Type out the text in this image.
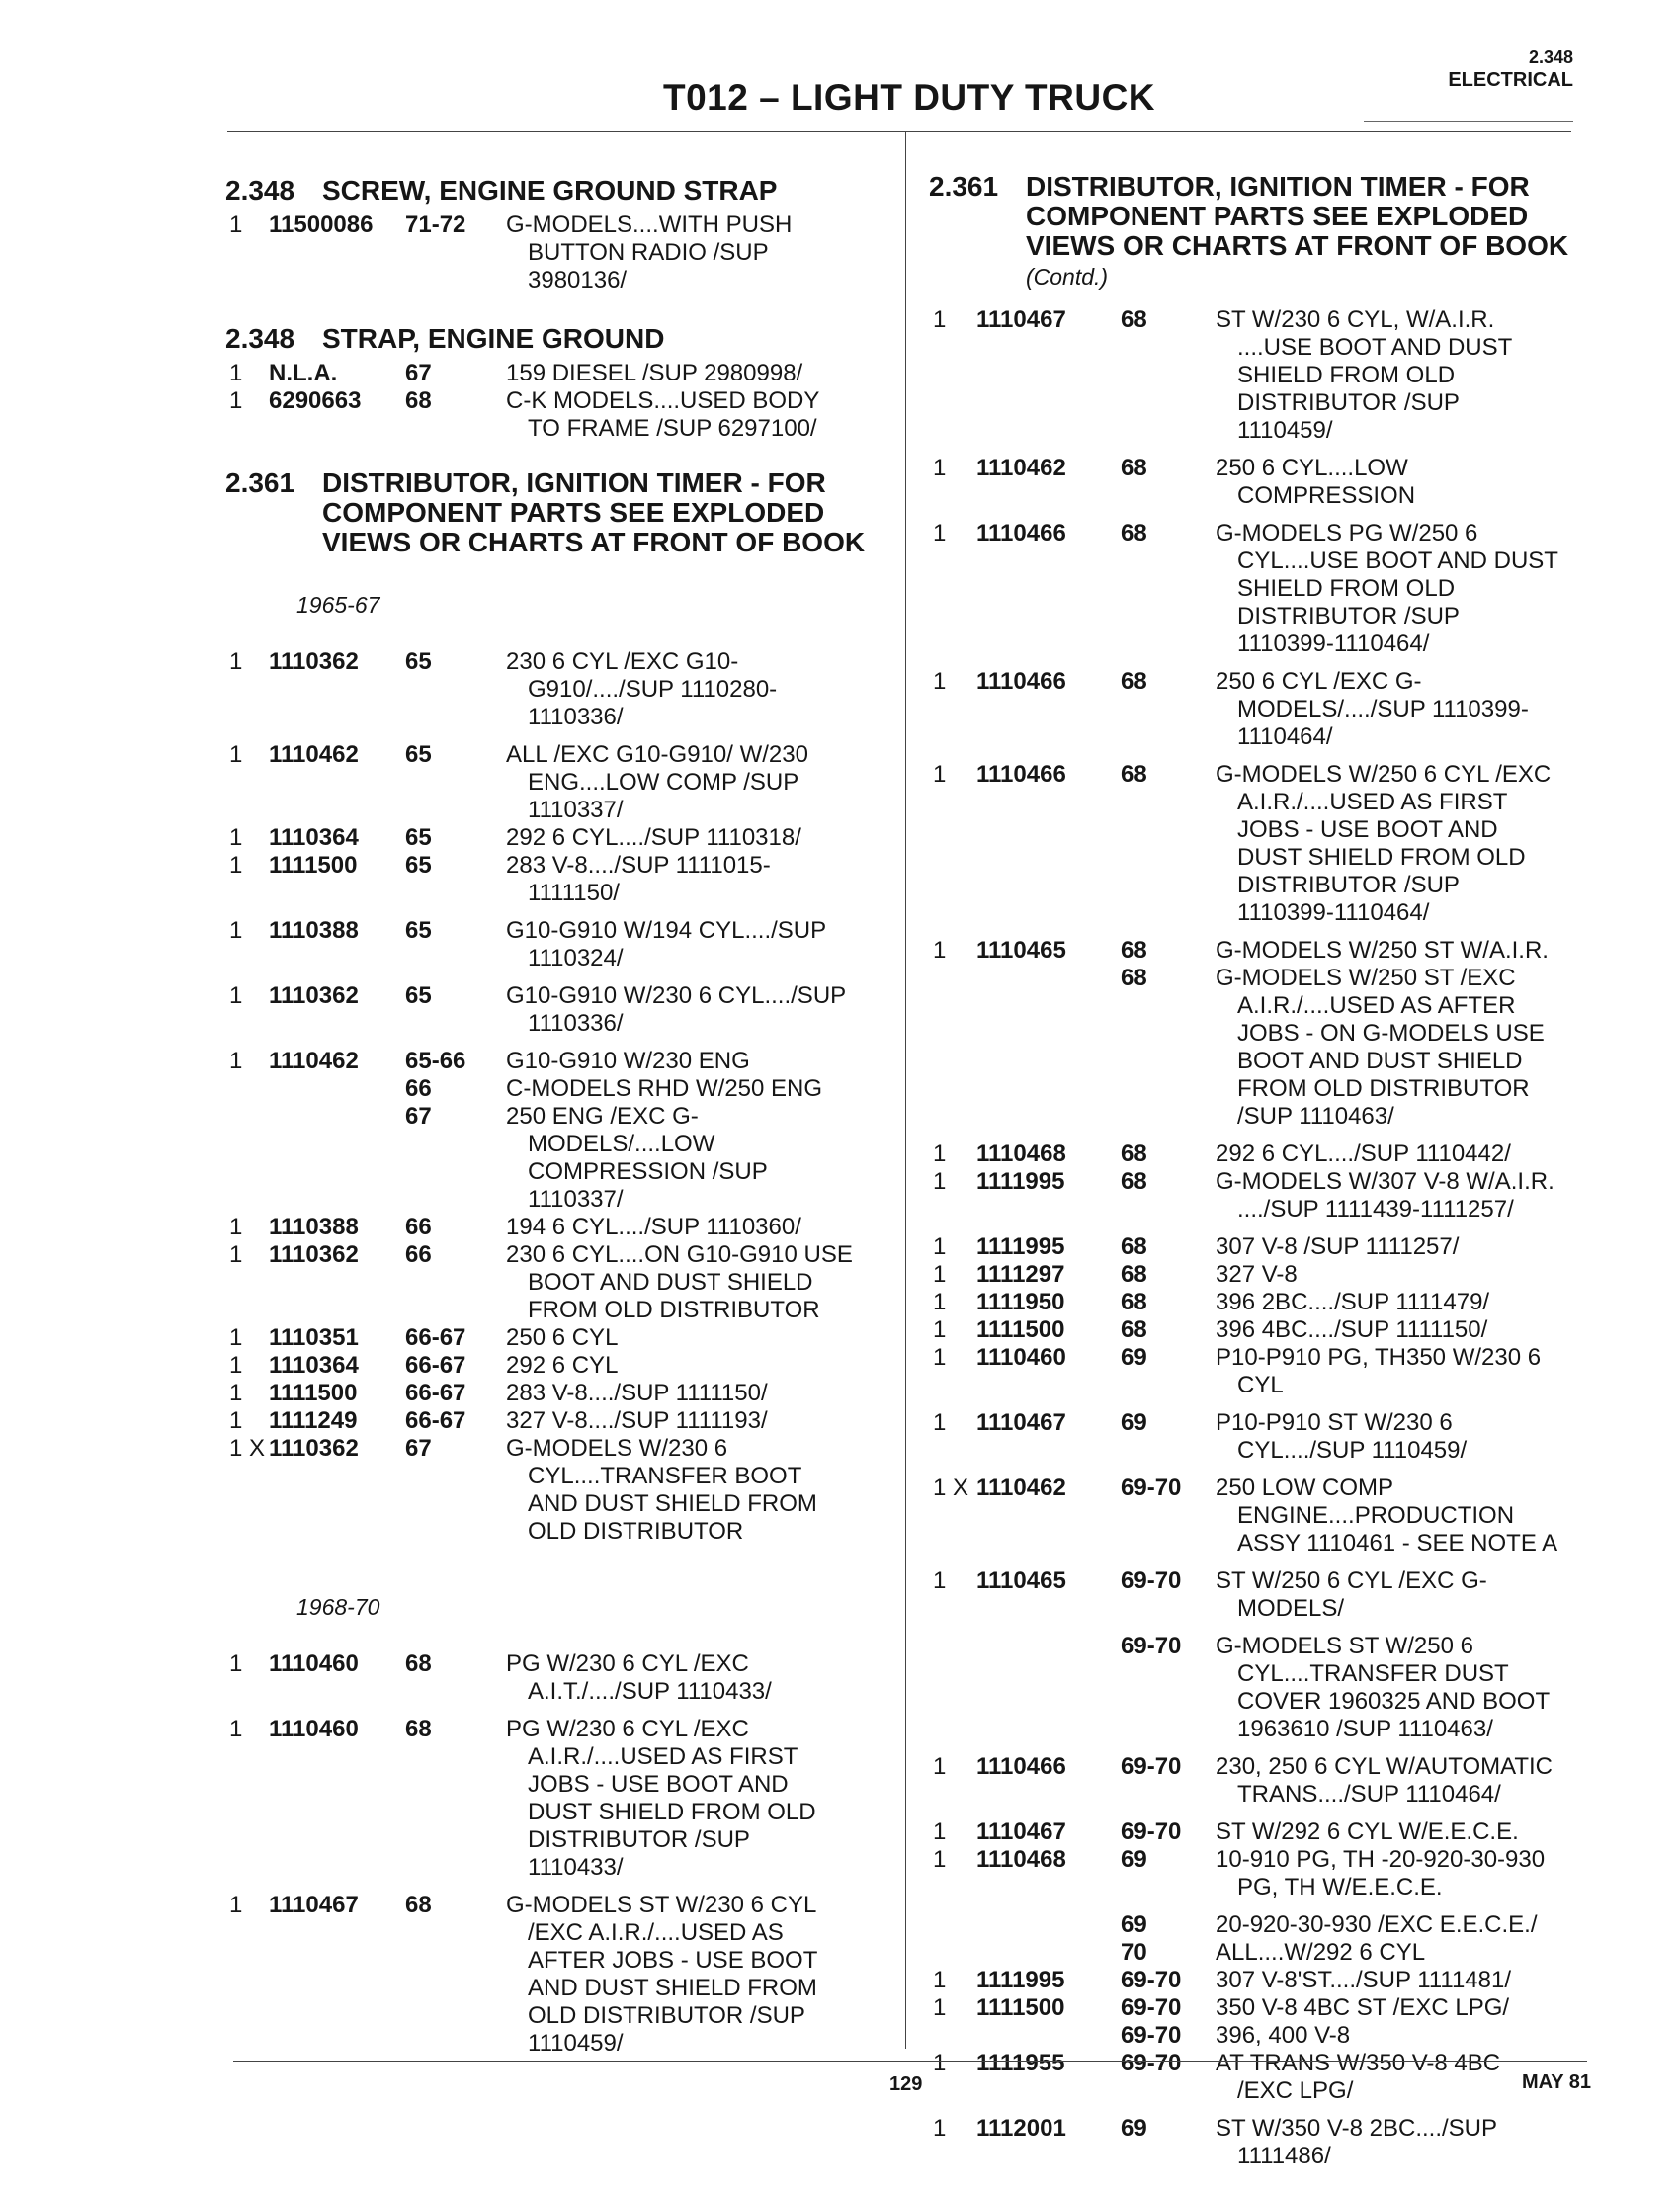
T012 – LIGHT DUTY TRUCK
2.348
ELECTRICAL
2.348 SCREW, ENGINE GROUND STRAP
1	11500086	71-72	G-MODELS....WITH PUSH
BUTTON RADIO /SUP
3980136/
2.348 STRAP, ENGINE GROUND
1	N.L.A.	67	159 DIESEL /SUP 2980998/
1	6290663	68	C-K MODELS....USED BODY
TO FRAME /SUP 6297100/
2.361 DISTRIBUTOR, IGNITION TIMER - FOR COMPONENT PARTS SEE EXPLODED VIEWS OR CHARTS AT FRONT OF BOOK
1965-67
1	1110362	65	230 6 CYL /EXC G10-
G910/..../SUP 1110280-
1110336/
1	1110462	65	ALL /EXC G10-G910/ W/230
ENG....LOW COMP /SUP
1110337/
1	1110364	65	292 6 CYL..../SUP 1110318/
1	1111500	65	283 V-8..../SUP 1111015-
1111150/
1	1110388	65	G10-G910 W/194 CYL..../SUP
1110324/
1	1110362	65	G10-G910 W/230 6 CYL..../SUP
1110336/
1	1110462	65-66	G10-G910 W/230 ENG
66	C-MODELS RHD W/250 ENG
67	250 ENG /EXC G-
MODELS/....LOW
COMPRESSION /SUP
1110337/
1	1110388	66	194 6 CYL..../SUP 1110360/
1	1110362	66	230 6 CYL....ON G10-G910 USE
BOOT AND DUST SHIELD
FROM OLD DISTRIBUTOR
1	1110351	66-67	250 6 CYL
1	1110364	66-67	292 6 CYL
1	1111500	66-67	283 V-8..../SUP 1111150/
1	1111249	66-67	327 V-8..../SUP 1111193/
1 X 1110362	67	G-MODELS W/230 6
CYL....TRANSFER BOOT
AND DUST SHIELD FROM
OLD DISTRIBUTOR
1968-70
1	1110460	68	PG W/230 6 CYL /EXC
A.I.T./..../SUP 1110433/
1	1110460	68	PG W/230 6 CYL /EXC
A.I.R./....USED AS FIRST
JOBS - USE BOOT AND
DUST SHIELD FROM OLD
DISTRIBUTOR /SUP
1110433/
1	1110467	68	G-MODELS ST W/230 6 CYL
/EXC A.I.R./....USED AS
AFTER JOBS - USE BOOT
AND DUST SHIELD FROM
OLD DISTRIBUTOR /SUP
1110459/
2.361 DISTRIBUTOR, IGNITION TIMER - FOR COMPONENT PARTS SEE EXPLODED VIEWS OR CHARTS AT FRONT OF BOOK
(Contd.)
1	1110467	68	ST W/230 6 CYL, W/A.I.R.
....USE BOOT AND DUST
SHIELD FROM OLD
DISTRIBUTOR /SUP
1110459/
1	1110462	68	250 6 CYL....LOW
COMPRESSION
1	1110466	68	G-MODELS PG W/250 6
CYL....USE BOOT AND DUST
SHIELD FROM OLD
DISTRIBUTOR /SUP
1110399-1110464/
1	1110466	68	250 6 CYL /EXC G-
MODELS/..../SUP 1110399-
1110464/
1	1110466	68	G-MODELS W/250 6 CYL /EXC
A.I.R./....USED AS FIRST
JOBS - USE BOOT AND
DUST SHIELD FROM OLD
DISTRIBUTOR /SUP
1110399-1110464/
1	1110465	68	G-MODELS W/250 ST W/A.I.R.
68	G-MODELS W/250 ST /EXC
A.I.R./....USED AS AFTER
JOBS - ON G-MODELS USE
BOOT AND DUST SHIELD
FROM OLD DISTRIBUTOR
/SUP 1110463/
1	1110468	68	292 6 CYL..../SUP 1110442/
1	1111995	68	G-MODELS W/307 V-8 W/A.I.R.
..../SUP 1111439-1111257/
1	1111995	68	307 V-8 /SUP 1111257/
1	1111297	68	327 V-8
1	1111950	68	396 2BC..../SUP 1111479/
1	1111500	68	396 4BC..../SUP 1111150/
1	1110460	69	P10-P910 PG, TH350 W/230 6
CYL
1	1110467	69	P10-P910 ST W/230 6
CYL..../SUP 1110459/
1 X 1110462	69-70	250 LOW COMP
ENGINE....PRODUCTION
ASSY 1110461 - SEE NOTE A
1	1110465	69-70	ST W/250 6 CYL /EXC G-
MODELS/
69-70	G-MODELS ST W/250 6
CYL....TRANSFER DUST
COVER 1960325 AND BOOT
1963610 /SUP 1110463/
1	1110466	69-70	230, 250 6 CYL W/AUTOMATIC
TRANS..../SUP 1110464/
1	1110467	69-70	ST W/292 6 CYL W/E.E.C.E.
1	1110468	69	10-910 PG, TH -20-920-30-930
PG, TH W/E.E.C.E.
69	20-920-30-930 /EXC E.E.C.E./
70	ALL....W/292 6 CYL
1	1111995	69-70	307 V-8'ST..../SUP 1111481/
1	1111500	69-70	350 V-8 4BC ST /EXC LPG/
69-70	396, 400 V-8
1	1111955	69-70	AT TRANS W/350 V-8 4BC
/EXC LPG/
1	1112001	69	ST W/350 V-8 2BC..../SUP
1111486/
129	MAY 81
